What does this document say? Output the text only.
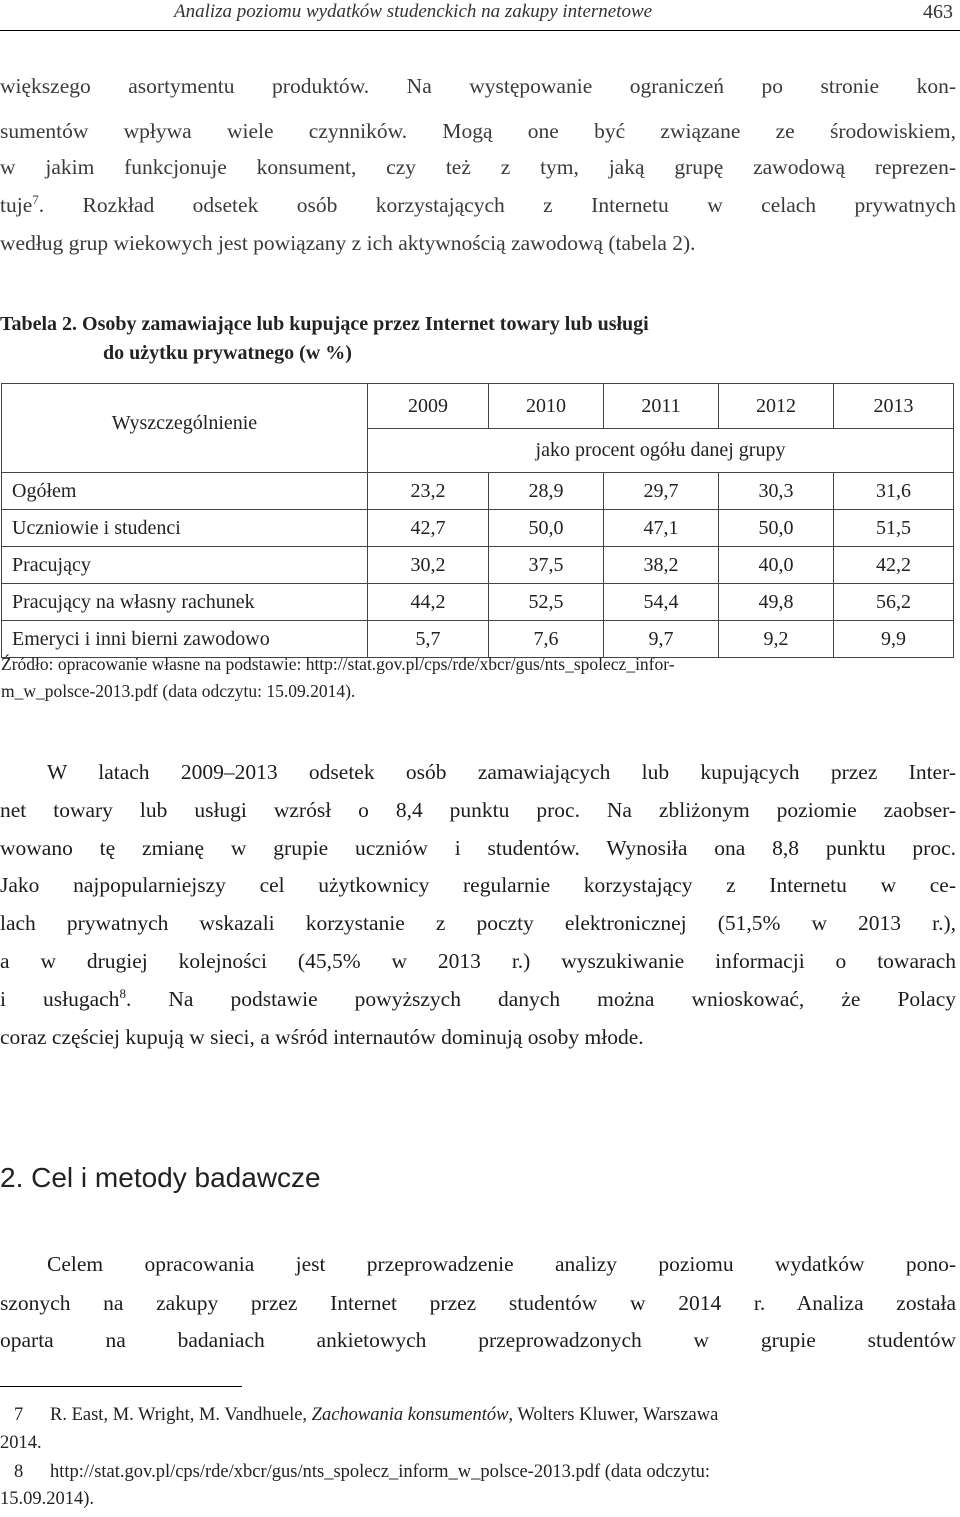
Analiza poziomu wydatków studenckich na zakupy internetowe	463
większego asortymentu produktów. Na występowanie ograniczeń po stronie kon-
sumentów wpływa wiele czynników. Mogą one być związane ze środowiskiem,
w jakim funkcjonuje konsument, czy też z tym, jaką grupę zawodową reprezen-
tuje$^7$. Rozkład odsetek osób korzystających z Internetu w celach prywatnych
według grup wiekowych jest powiązany z ich aktywnością zawodową (tabela 2).
Tabela 2. Osoby zamawiające lub kupujące przez Internet towary lub usługi
do użytku prywatnego (w %)
Wyszczególnienie	2009	2010	2011	2012	2013
	jako procent ogółu danej grupy				
Ogółem	23,2	28,9	29,7	30,3	31,6
Uczniowie i studenci	42,7	50,0	47,1	50,0	51,5
Pracujący	30,2	37,5	38,2	40,0	42,2
Pracujący na własny rachunek	44,2	52,5	54,4	49,8	56,2
Emeryci i inni bierni zawodowo	5,7	7,6	9,7	9,2	9,9
Źródło: opracowanie własne na podstawie: http://stat.gov.pl/cps/rde/xbcr/gus/nts_spolecz_infor-
m_w_polsce-2013.pdf (data odczytu: 15.09.2014).
W latach 2009‒2013 odsetek osób zamawiających lub kupujących przez Inter-
net towary lub usługi wzrósł o 8,4 punktu proc. Na zbliżonym poziomie zaobser-
wowano tę zmianę w grupie uczniów i studentów. Wynosiła ona 8,8 punktu proc.
Jako najpopularniejszy cel użytkownicy regularnie korzystający z Internetu w ce-
lach prywatnych wskazali korzystanie z poczty elektronicznej (51,5% w 2013 r.),
a w drugiej kolejności (45,5% w 2013 r.) wyszukiwanie informacji o towarach
i usługach$^8$. Na podstawie powyższych danych można wnioskować, że Polacy
coraz częściej kupują w sieci, a wśród internautów dominują osoby młode.
2. Cel i metody badawcze
Celem opracowania jest przeprowadzenie analizy poziomu wydatków pono-
szonych na zakupy przez Internet przez studentów w 2014 r. Analiza została
oparta na badaniach ankietowych przeprowadzonych w grupie studentów
7 R. East, M. Wright, M. Vandhuele, Zachowania konsumentów, Wolters Kluwer, Warszawa
2014.
8 http://stat.gov.pl/cps/rde/xbcr/gus/nts_spolecz_inform_w_polsce-2013.pdf (data odczytu:
15.09.2014).
